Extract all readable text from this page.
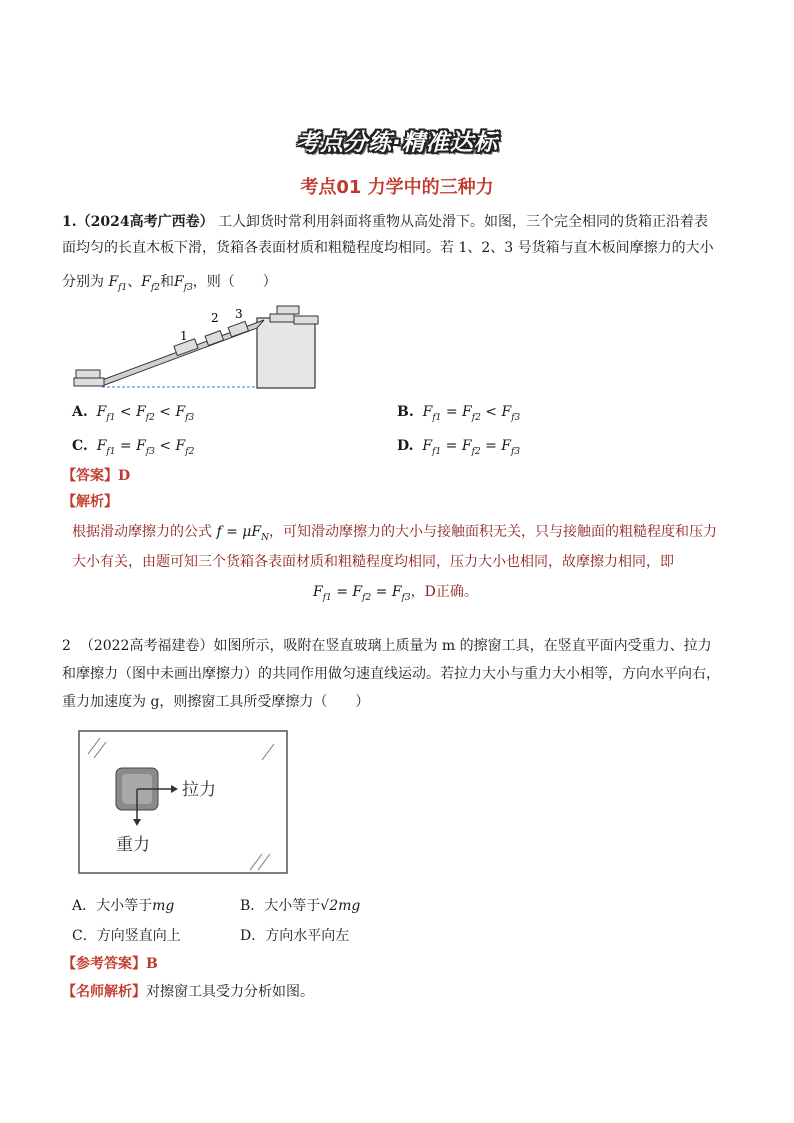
考点分练·精准达标
考点01 力学中的三种力
1.（2024高考广西卷） 工人卸货时常利用斜面将重物从高处滑下。如图，三个完全相同的货箱正沿着表
面均匀的长直木板下滑，货箱各表面材质和粗糙程度均相同。若 1、2、3 号货箱与直木板间摩擦力的大小
分别为 $F_{f1}$、$F_{f2}$和$F_{f3}$，则（　　）
1
2 3
A. $F_{f1} < F_{f2} < F_{f3}$	B. $F_{f1} = F_{f2} < F_{f3}$
C. $F_{f1} = F_{f3} < F_{f2}$	D. $F_{f1} = F_{f2} = F_{f3}$
【答案】D
【解析】
根据滑动摩擦力的公式 $f = \mu F_N$，可知滑动摩擦力的大小与接触面积无关，只与接触面的粗糙程度和压力
大小有关，由题可知三个货箱各表面材质和粗糙程度均相同，压力大小也相同，故摩擦力相同，即
$F_{f1} = F_{f2} = F_{f3}$，D正确。
2 （2022高考福建卷）如图所示，吸附在竖直玻璃上质量为 m 的擦窗工具，在竖直平面内受重力、拉力
和摩擦力（图中未画出摩擦力）的共同作用做匀速直线运动。若拉力大小与重力大小相等，方向水平向右，
重力加速度为 g，则擦窗工具所受摩擦力（　　）
拉力
重力
A．大小等于mg	B．大小等于√2mg
C．方向竖直向上	D．方向水平向左
【参考答案】B
【名师解析】对擦窗工具受力分析如图。
